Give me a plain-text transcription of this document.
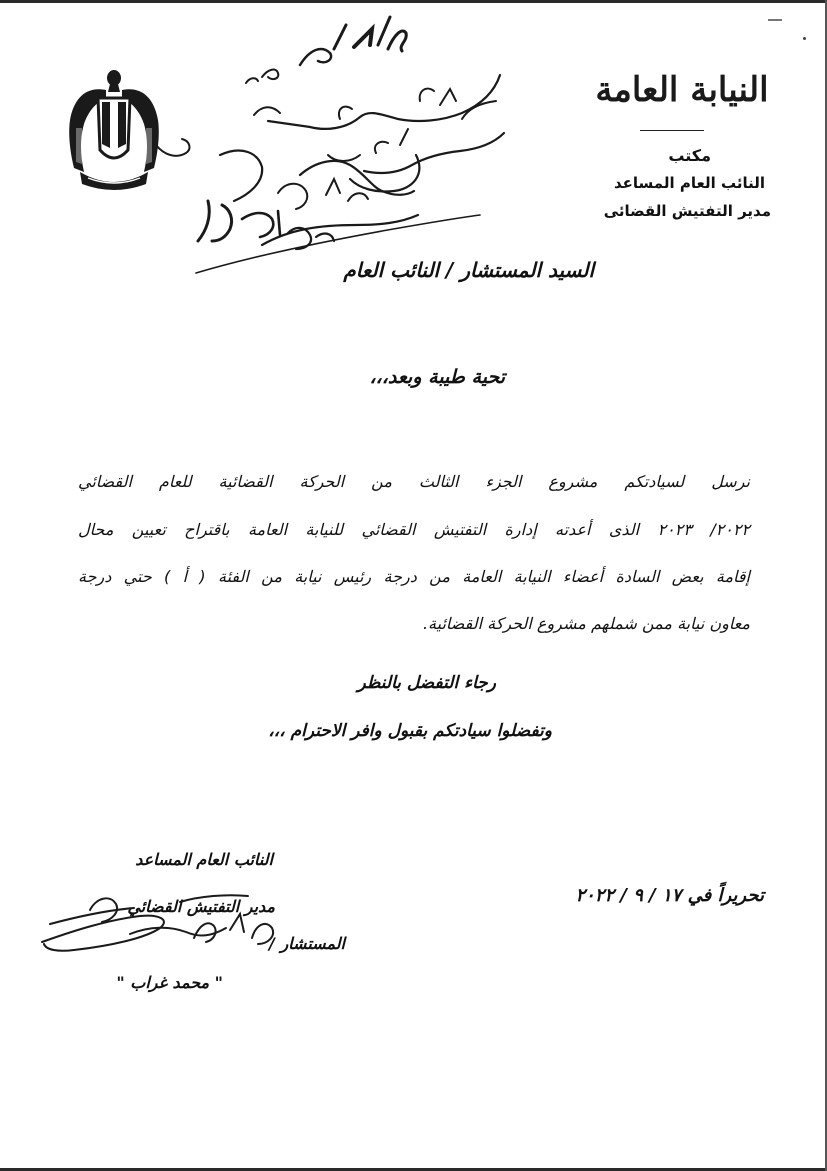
النيابة العامة
مكتب
النائب العام المساعد
مدير التفتيش القضائى
السيد المستشار / النائب العام
تحية طيبة وبعد،،،
نرسل لسيادتكم مشروع الجزء الثالث من الحركة القضائية للعام القضائي
٢٠٢٢/ ٢٠٢٣ الذى أعدته إدارة التفتيش القضائي للنيابة العامة باقتراح تعيين محال
إقامة بعض السادة أعضاء النيابة العامة من درجة رئيس نيابة من الفئة ( أ ) حتي درجة
معاون نيابة ممن شملهم مشروع الحركة القضائية.
رجاء التفضل بالنظر
وتفضلوا سيادتكم بقبول وافر الاحترام ،،،
النائب العام المساعد
مدير التفتيش القضائي
المستشار /
" محمد غراب "
تحريراً في ١٧ / ٩ / ٢٠٢٢
